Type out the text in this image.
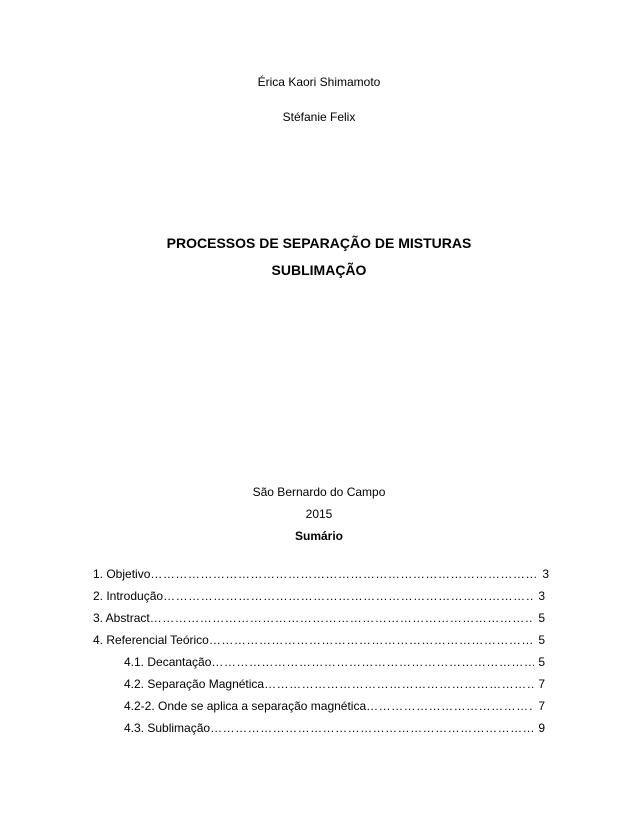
Érica Kaori Shimamoto
Stéfanie Felix
PROCESSOS DE SEPARAÇÃO DE MISTURAS
SUBLIMAÇÃO
São Bernardo do Campo
2015
Sumário
1. Objetivo …………………………………………………………………………………………………………………………………………………………………………	3
2. Introdução …………………………………………………………………………………………………………………………………………………………………………	3
3. Abstract …………………………………………………………………………………………………………………………………………………………………………	5
4. Referencial Teórico …………………………………………………………………………………………………………………………………………………………………………	5
4.1. Decantação …………………………………………………………………………………………………………………………………………………………………………	5
4.2. Separação Magnética …………………………………………………………………………………………………………………………………………………………………………	7
4.2-2. Onde se aplica a separação magnética …………………………………………………………………………………………………………………………………………………………………………	7
4.3. Sublimação …………………………………………………………………………………………………………………………………………………………………………	9
